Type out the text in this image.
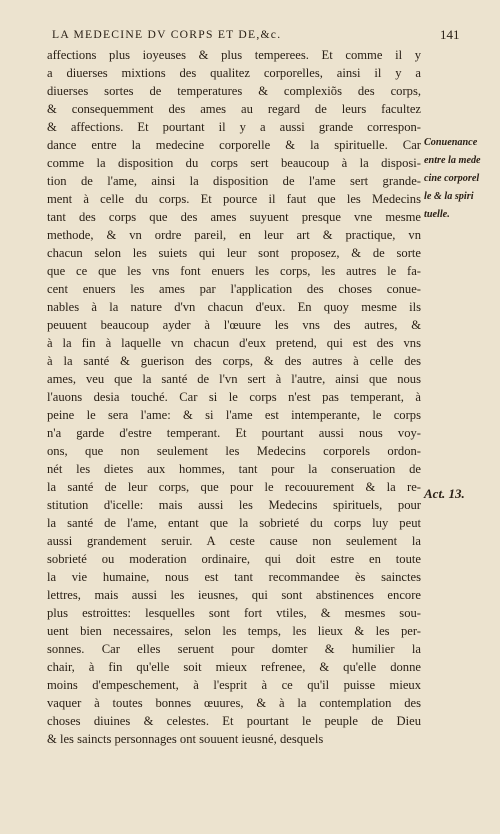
LA MEDECINE DV CORPS ET DE,&c.	141
affections plus ioyeuses & plus temperees. Et comme il y
a diuerses mixtions des qualitez corporelles, ainsi il y a
diuerses sortes de temperatures & complexiõs des corps,
& consequemment des ames au regard de leurs facultez
& affections. Et pourtant il y a aussi grande correspon-
dance entre la medecine corporelle & la spirituelle. Car
comme la disposition du corps sert beaucoup à la disposi-
tion de l'ame, ainsi la disposition de l'ame sert grande-
ment à celle du corps. Et pource il faut que les Medecins
tant des corps que des ames suyuent presque vne mesme
methode, & vn ordre pareil, en leur art & practique, vn
chacun selon les suiets qui leur sont proposez, & de sorte
que ce que les vns font enuers les corps, les autres le fa-
cent enuers les ames par l'application des choses conue-
nables à la nature d'vn chacun d'eux. En quoy mesme ils
peuuent beaucoup ayder à l'œuure les vns des autres, &
à la fin à laquelle vn chacun d'eux pretend, qui est des vns
à la santé & guerison des corps, & des autres à celle des
ames, veu que la santé de l'vn sert à l'autre, ainsi que nous
l'auons desia touché. Car si le corps n'est pas temperant, à
peine le sera l'ame: & si l'ame est intemperante, le corps
n'a garde d'estre temperant. Et pourtant aussi nous voy-
ons, que non seulement les Medecins corporels ordon-
nét les dietes aux hommes, tant pour la conseruation de
la santé de leur corps, que pour le recouurement & la re-
stitution d'icelle: mais aussi les Medecins spirituels, pour
la santé de l'ame, entant que la sobrieté du corps luy peut
aussi grandement seruir. A ceste cause non seulement la
sobrieté ou moderation ordinaire, qui doit estre en toute
la vie humaine, nous est tant recommandee ès sainctes
lettres, mais aussi les ieusnes, qui sont abstinences encore
plus estroittes: lesquelles sont fort vtiles, & mesmes sou-
uent bien necessaires, selon les temps, les lieux & les per-
sonnes. Car elles seruent pour domter & humilier la
chair, à fin qu'elle soit mieux refrenee, & qu'elle donne
moins d'empeschement, à l'esprit à ce qu'il puisse mieux
vaquer à toutes bonnes œuures, & à la contemplation des
choses diuines & celestes. Et pourtant le peuple de Dieu
& les saincts personnages ont souuent ieusné, desquels
Conuenance
entre la mede
cine corporel
le & la spiri
tuelle.
Act. 13.
